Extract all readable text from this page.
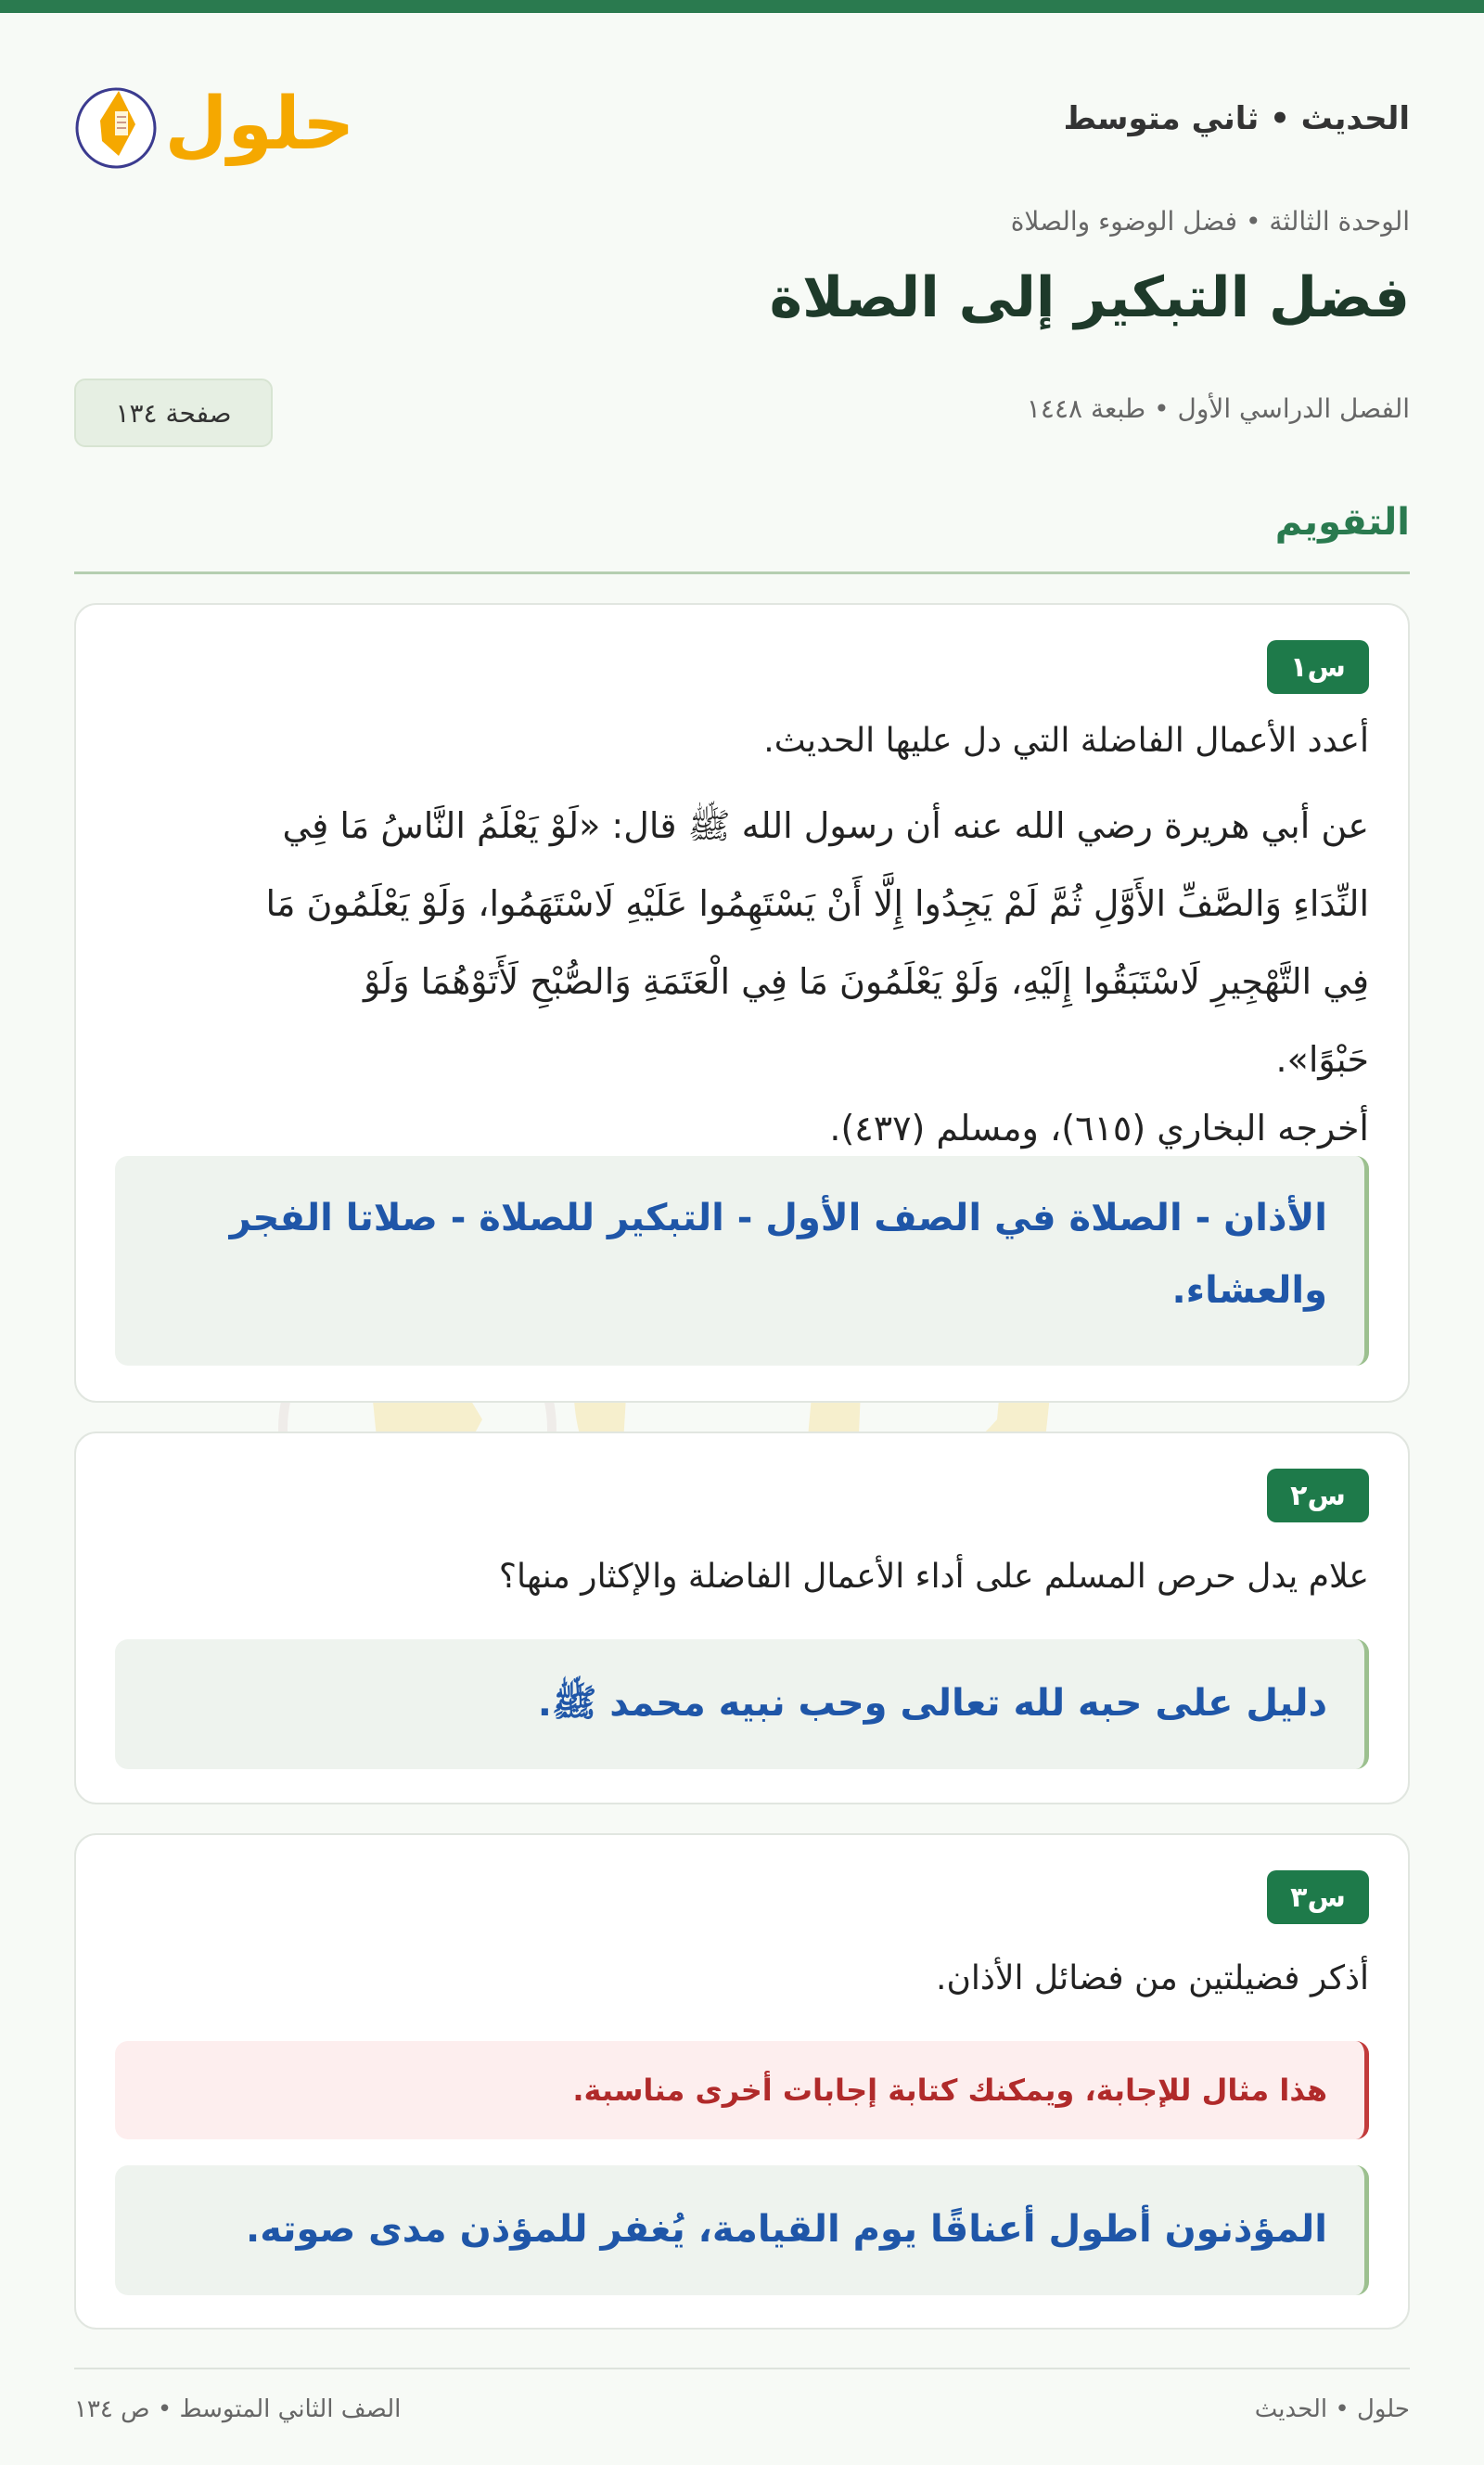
الحديث • ثاني متوسط
حلول
الوحدة الثالثة • فضل الوضوء والصلاة
فضل التبكير إلى الصلاة
الفصل الدراسي الأول • طبعة ١٤٤٨
صفحة ١٣٤
التقويم
س١
أعدد الأعمال الفاضلة التي دل عليها الحديث.
عن أبي هريرة رضي الله عنه أن رسول الله ﷺ قال: «لَوْ يَعْلَمُ النَّاسُ مَا فِي
النِّدَاءِ وَالصَّفِّ الأَوَّلِ ثُمَّ لَمْ يَجِدُوا إِلَّا أَنْ يَسْتَهِمُوا عَلَيْهِ لَاسْتَهَمُوا، وَلَوْ يَعْلَمُونَ مَا
فِي التَّهْجِيرِ لَاسْتَبَقُوا إِلَيْهِ، وَلَوْ يَعْلَمُونَ مَا فِي الْعَتَمَةِ وَالصُّبْحِ لَأَتَوْهُمَا وَلَوْ
حَبْوًا».
أخرجه البخاري (٦١٥)، ومسلم (٤٣٧).
الأذان - الصلاة في الصف الأول - التبكير للصلاة - صلاتا الفجر والعشاء.
س٢
علام يدل حرص المسلم على أداء الأعمال الفاضلة والإكثار منها؟
دليل على حبه لله تعالى وحب نبيه محمد ﷺ.
س٣
أذكر فضيلتين من فضائل الأذان.
هذا مثال للإجابة، ويمكنك كتابة إجابات أخرى مناسبة.
المؤذنون أطول أعناقًا يوم القيامة، يُغفر للمؤذن مدى صوته.
حلول • الحديث
الصف الثاني المتوسط • ص ١٣٤
